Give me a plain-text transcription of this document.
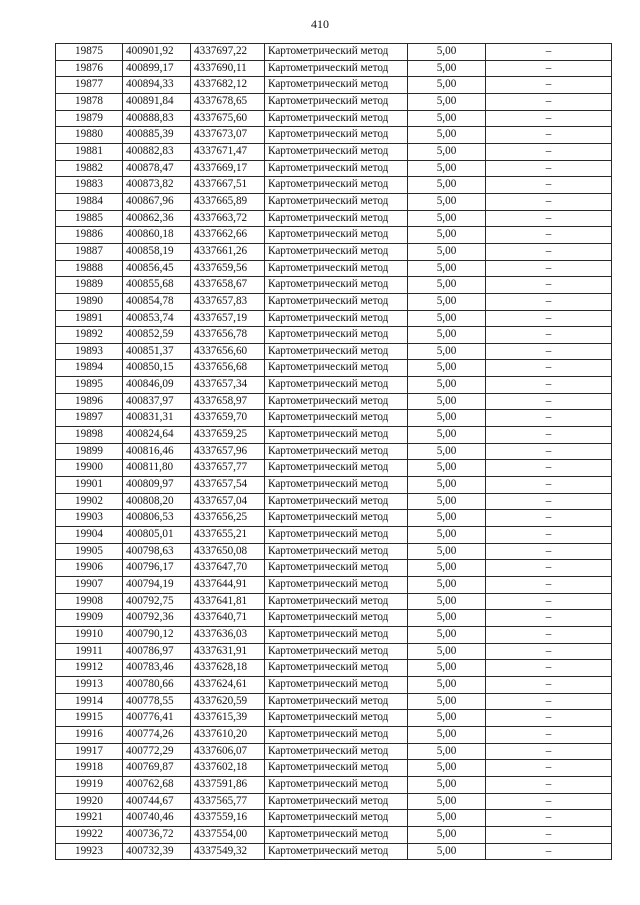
410
19875	400901,92	4337697,22	Картометрический метод	5,00	–
19876	400899,17	4337690,11	Картометрический метод	5,00	–
19877	400894,33	4337682,12	Картометрический метод	5,00	–
19878	400891,84	4337678,65	Картометрический метод	5,00	–
19879	400888,83	4337675,60	Картометрический метод	5,00	–
19880	400885,39	4337673,07	Картометрический метод	5,00	–
19881	400882,83	4337671,47	Картометрический метод	5,00	–
19882	400878,47	4337669,17	Картометрический метод	5,00	–
19883	400873,82	4337667,51	Картометрический метод	5,00	–
19884	400867,96	4337665,89	Картометрический метод	5,00	–
19885	400862,36	4337663,72	Картометрический метод	5,00	–
19886	400860,18	4337662,66	Картометрический метод	5,00	–
19887	400858,19	4337661,26	Картометрический метод	5,00	–
19888	400856,45	4337659,56	Картометрический метод	5,00	–
19889	400855,68	4337658,67	Картометрический метод	5,00	–
19890	400854,78	4337657,83	Картометрический метод	5,00	–
19891	400853,74	4337657,19	Картометрический метод	5,00	–
19892	400852,59	4337656,78	Картометрический метод	5,00	–
19893	400851,37	4337656,60	Картометрический метод	5,00	–
19894	400850,15	4337656,68	Картометрический метод	5,00	–
19895	400846,09	4337657,34	Картометрический метод	5,00	–
19896	400837,97	4337658,97	Картометрический метод	5,00	–
19897	400831,31	4337659,70	Картометрический метод	5,00	–
19898	400824,64	4337659,25	Картометрический метод	5,00	–
19899	400816,46	4337657,96	Картометрический метод	5,00	–
19900	400811,80	4337657,77	Картометрический метод	5,00	–
19901	400809,97	4337657,54	Картометрический метод	5,00	–
19902	400808,20	4337657,04	Картометрический метод	5,00	–
19903	400806,53	4337656,25	Картометрический метод	5,00	–
19904	400805,01	4337655,21	Картометрический метод	5,00	–
19905	400798,63	4337650,08	Картометрический метод	5,00	–
19906	400796,17	4337647,70	Картометрический метод	5,00	–
19907	400794,19	4337644,91	Картометрический метод	5,00	–
19908	400792,75	4337641,81	Картометрический метод	5,00	–
19909	400792,36	4337640,71	Картометрический метод	5,00	–
19910	400790,12	4337636,03	Картометрический метод	5,00	–
19911	400786,97	4337631,91	Картометрический метод	5,00	–
19912	400783,46	4337628,18	Картометрический метод	5,00	–
19913	400780,66	4337624,61	Картометрический метод	5,00	–
19914	400778,55	4337620,59	Картометрический метод	5,00	–
19915	400776,41	4337615,39	Картометрический метод	5,00	–
19916	400774,26	4337610,20	Картометрический метод	5,00	–
19917	400772,29	4337606,07	Картометрический метод	5,00	–
19918	400769,87	4337602,18	Картометрический метод	5,00	–
19919	400762,68	4337591,86	Картометрический метод	5,00	–
19920	400744,67	4337565,77	Картометрический метод	5,00	–
19921	400740,46	4337559,16	Картометрический метод	5,00	–
19922	400736,72	4337554,00	Картометрический метод	5,00	–
19923	400732,39	4337549,32	Картометрический метод	5,00	–
